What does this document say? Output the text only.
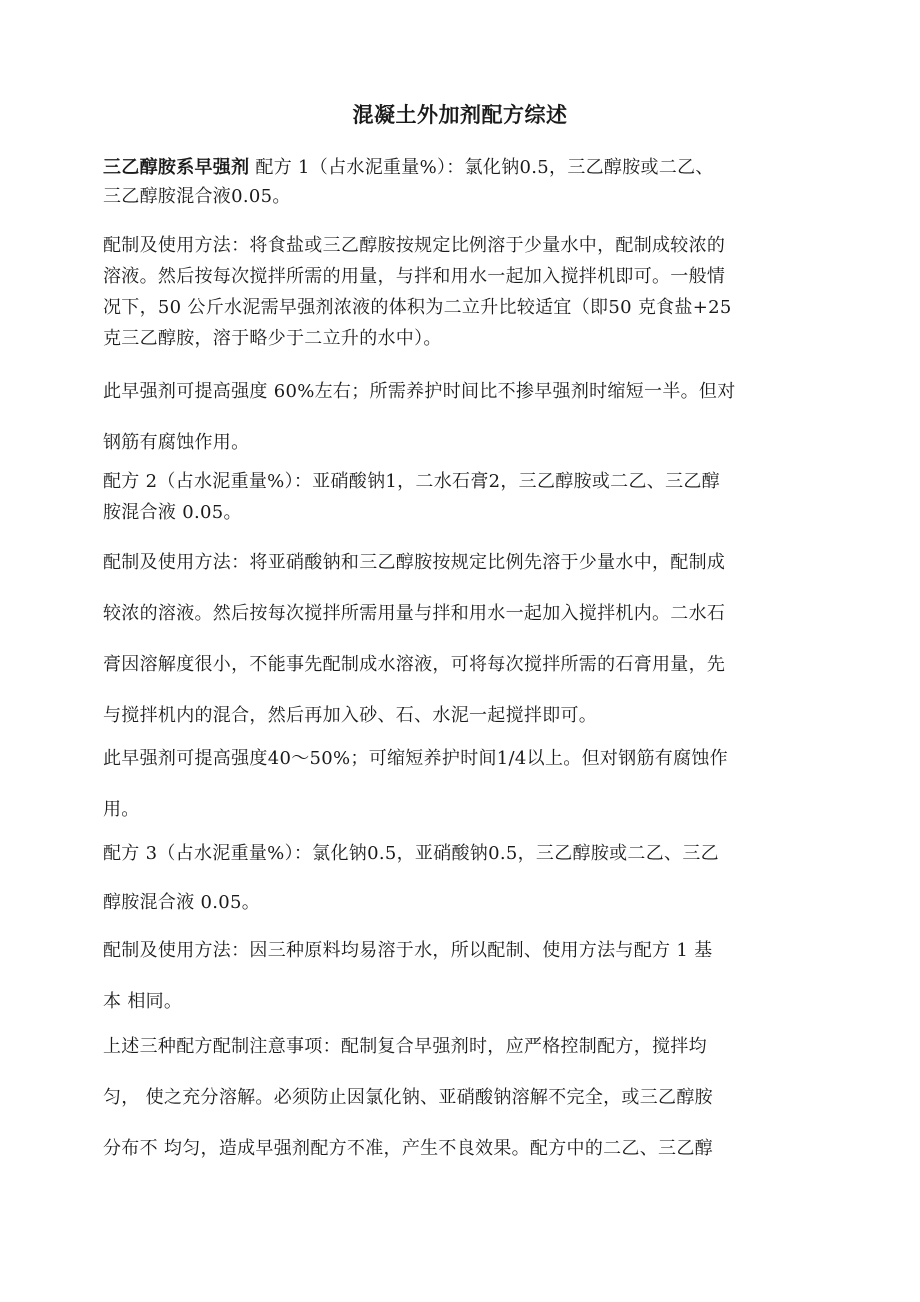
混凝土外加剂配方综述

三乙醇胺系早强剂 配方 1（占水泥重量%）：氯化钠0.5，三乙醇胺或二乙、
三乙醇胺混合液0.05。

配制及使用方法：将食盐或三乙醇胺按规定比例溶于少量水中，配制成较浓的
溶液。然后按每次搅拌所需的用量，与拌和用水一起加入搅拌机即可。一般情
况下，50 公斤水泥需早强剂浓液的体积为二立升比较适宜（即50 克食盐+25
克三乙醇胺，溶于略少于二立升的水中）。

此早强剂可提高强度 60%左右；所需养护时间比不掺早强剂时缩短一半。但对
钢筋有腐蚀作用。

配方 2（占水泥重量%）：亚硝酸钠1，二水石膏2，三乙醇胺或二乙、三乙醇
胺混合液 0.05。

配制及使用方法：将亚硝酸钠和三乙醇胺按规定比例先溶于少量水中，配制成
较浓的溶液。然后按每次搅拌所需用量与拌和用水一起加入搅拌机内。二水石
膏因溶解度很小，不能事先配制成水溶液，可将每次搅拌所需的石膏用量，先
与搅拌机内的混合，然后再加入砂、石、水泥一起搅拌即可。

此早强剂可提高强度40〜50%；可缩短养护时间1/4以上。但对钢筋有腐蚀作
用。

配方 3（占水泥重量%）：氯化钠0.5，亚硝酸钠0.5，三乙醇胺或二乙、三乙
醇胺混合液 0.05。

配制及使用方法：因三种原料均易溶于水，所以配制、使用方法与配方 1 基
本 相同。

上述三种配方配制注意事项：配制复合早强剂时，应严格控制配方，搅拌均
匀， 使之充分溶解。必须防止因氯化钠、亚硝酸钠溶解不完全，或三乙醇胺
分布不 均匀，造成早强剂配方不准，产生不良效果。配方中的二乙、三乙醇
